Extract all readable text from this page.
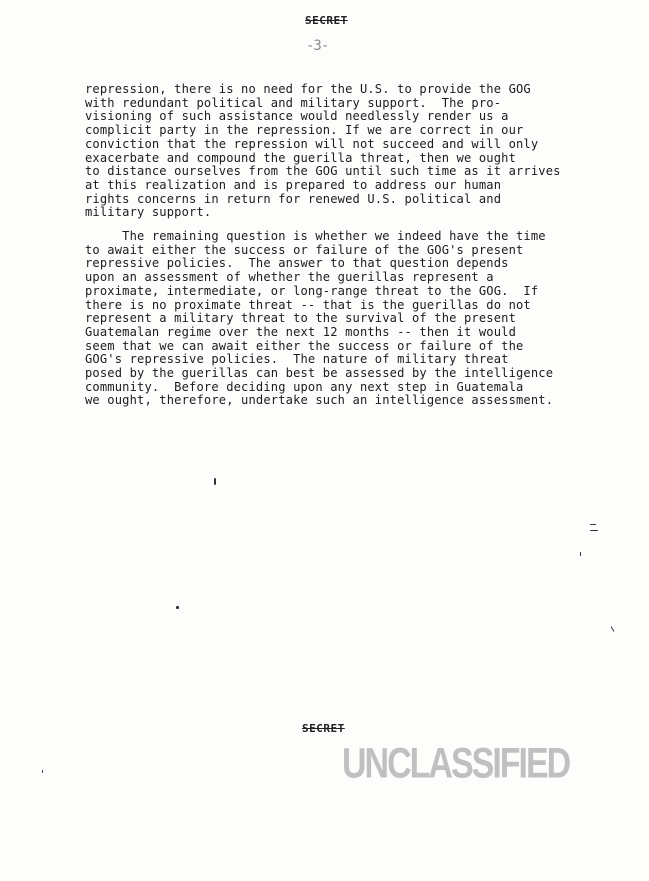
SECRET
-3-
repression, there is no need for the U.S. to provide the GOG
with redundant political and military support.  The pro-
visioning of such assistance would needlessly render us a
complicit party in the repression. If we are correct in our
conviction that the repression will not succeed and will only
exacerbate and compound the guerilla threat, then we ought
to distance ourselves from the GOG until such time as it arrives
at this realization and is prepared to address our human
rights concerns in return for renewed U.S. political and
military support.
The remaining question is whether we indeed have the time
to await either the success or failure of the GOG's present
repressive policies.  The answer to that question depends
upon an assessment of whether the guerillas represent a
proximate, intermediate, or long-range threat to the GOG.  If
there is no proximate threat -- that is the guerillas do not
represent a military threat to the survival of the present
Guatemalan regime over the next 12 months -- then it would
seem that we can await either the success or failure of the
GOG's repressive policies.  The nature of military threat
posed by the guerillas can best be assessed by the intelligence
community.  Before deciding upon any next step in Guatemala
we ought, therefore, undertake such an intelligence assessment.
SECRET
UNCLASSIFIED
